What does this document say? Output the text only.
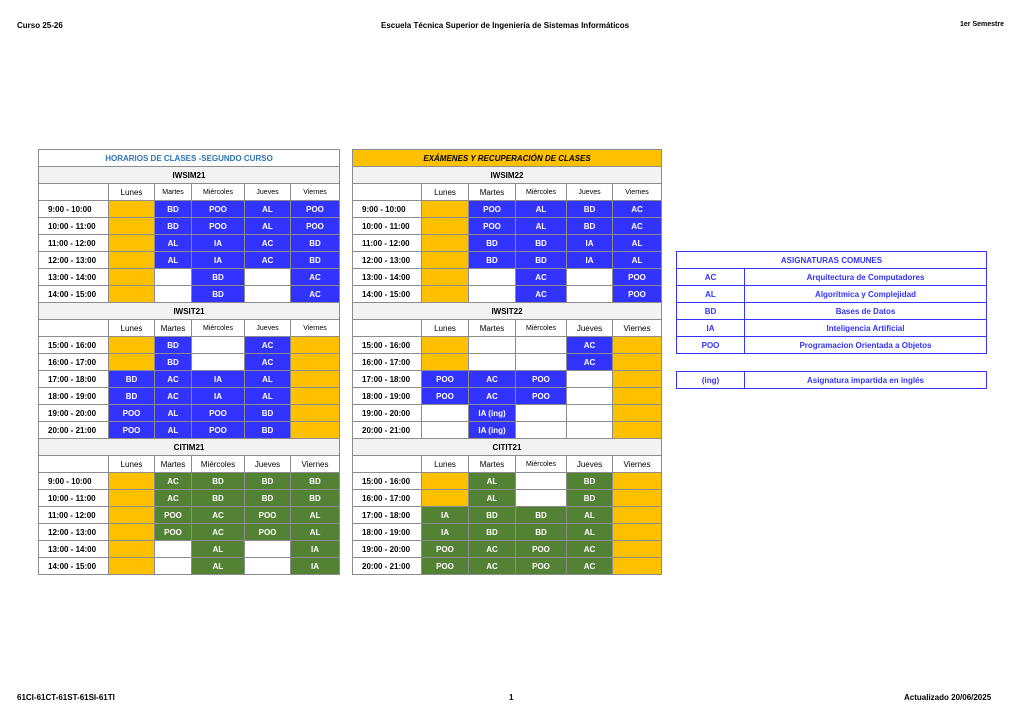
Curso 25-26	Escuela Técnica Superior de Ingeniería de Sistemas Informáticos	1er Semestre
HORARIOS DE CLASES -SEGUNDO CURSO					
IWSIM21					
	Lunes	Martes	Miércoles	Jueves	Viernes
9:00 - 10:00		BD	POO	AL	POO
10:00 - 11:00		BD	POO	AL	POO
11:00 - 12:00		AL	IA	AC	BD
12:00 - 13:00		AL	IA	AC	BD
13:00 - 14:00			BD		AC
14:00 - 15:00			BD		AC
IWSIT21					
	Lunes	Martes	Miércoles	Jueves	Viernes
15:00 - 16:00		BD		AC	
16:00 - 17:00		BD		AC	
17:00 - 18:00	BD	AC	IA	AL	
18:00 - 19:00	BD	AC	IA	AL	
19:00 - 20:00	POO	AL	POO	BD	
20:00 - 21:00	POO	AL	POO	BD	
CITIM21					
	Lunes	Martes	Miércoles	Jueves	Viernes
9:00 - 10:00		AC	BD	BD	BD
10:00 - 11:00		AC	BD	BD	BD
11:00 - 12:00		POO	AC	POO	AL
12:00 - 13:00		POO	AC	POO	AL
13:00 - 14:00			AL		IA
14:00 - 15:00			AL		IA
EXÁMENES Y RECUPERACIÓN DE CLASES					
IWSIM22					
	Lunes	Martes	Miércoles	Jueves	Viernes
9:00 - 10:00		POO	AL	BD	AC
10:00 - 11:00		POO	AL	BD	AC
11:00 - 12:00		BD	BD	IA	AL
12:00 - 13:00		BD	BD	IA	AL
13:00 - 14:00			AC		POO
14:00 - 15:00			AC		POO
IWSIT22					
	Lunes	Martes	Miércoles	Jueves	Viernes
15:00 - 16:00				AC	
16:00 - 17:00				AC	
17:00 - 18:00	POO	AC	POO		
18:00 - 19:00	POO	AC	POO		
19:00 - 20:00		IA (ing)			
20:00 - 21:00		IA (ing)			
CITIT21					
	Lunes	Martes	Miércoles	Jueves	Viernes
15:00 - 16:00		AL		BD	
16:00 - 17:00		AL		BD	
17:00 - 18:00	IA	BD	BD	AL	
18:00 - 19:00	IA	BD	BD	AL	
19:00 - 20:00	POO	AC	POO	AC	
20:00 - 21:00	POO	AC	POO	AC	
ASIGNATURAS COMUNES	
AC	Arquitectura de Computadores
AL	Algorítmica y Complejidad
BD	Bases de Datos
IA	Inteligencia Artificial
POO	Programacion Orientada a Objetos
(ing)	Asignatura impartida en inglés
61CI-61CT-61ST-61SI-61TI	1	Actualizado 20/06/2025
